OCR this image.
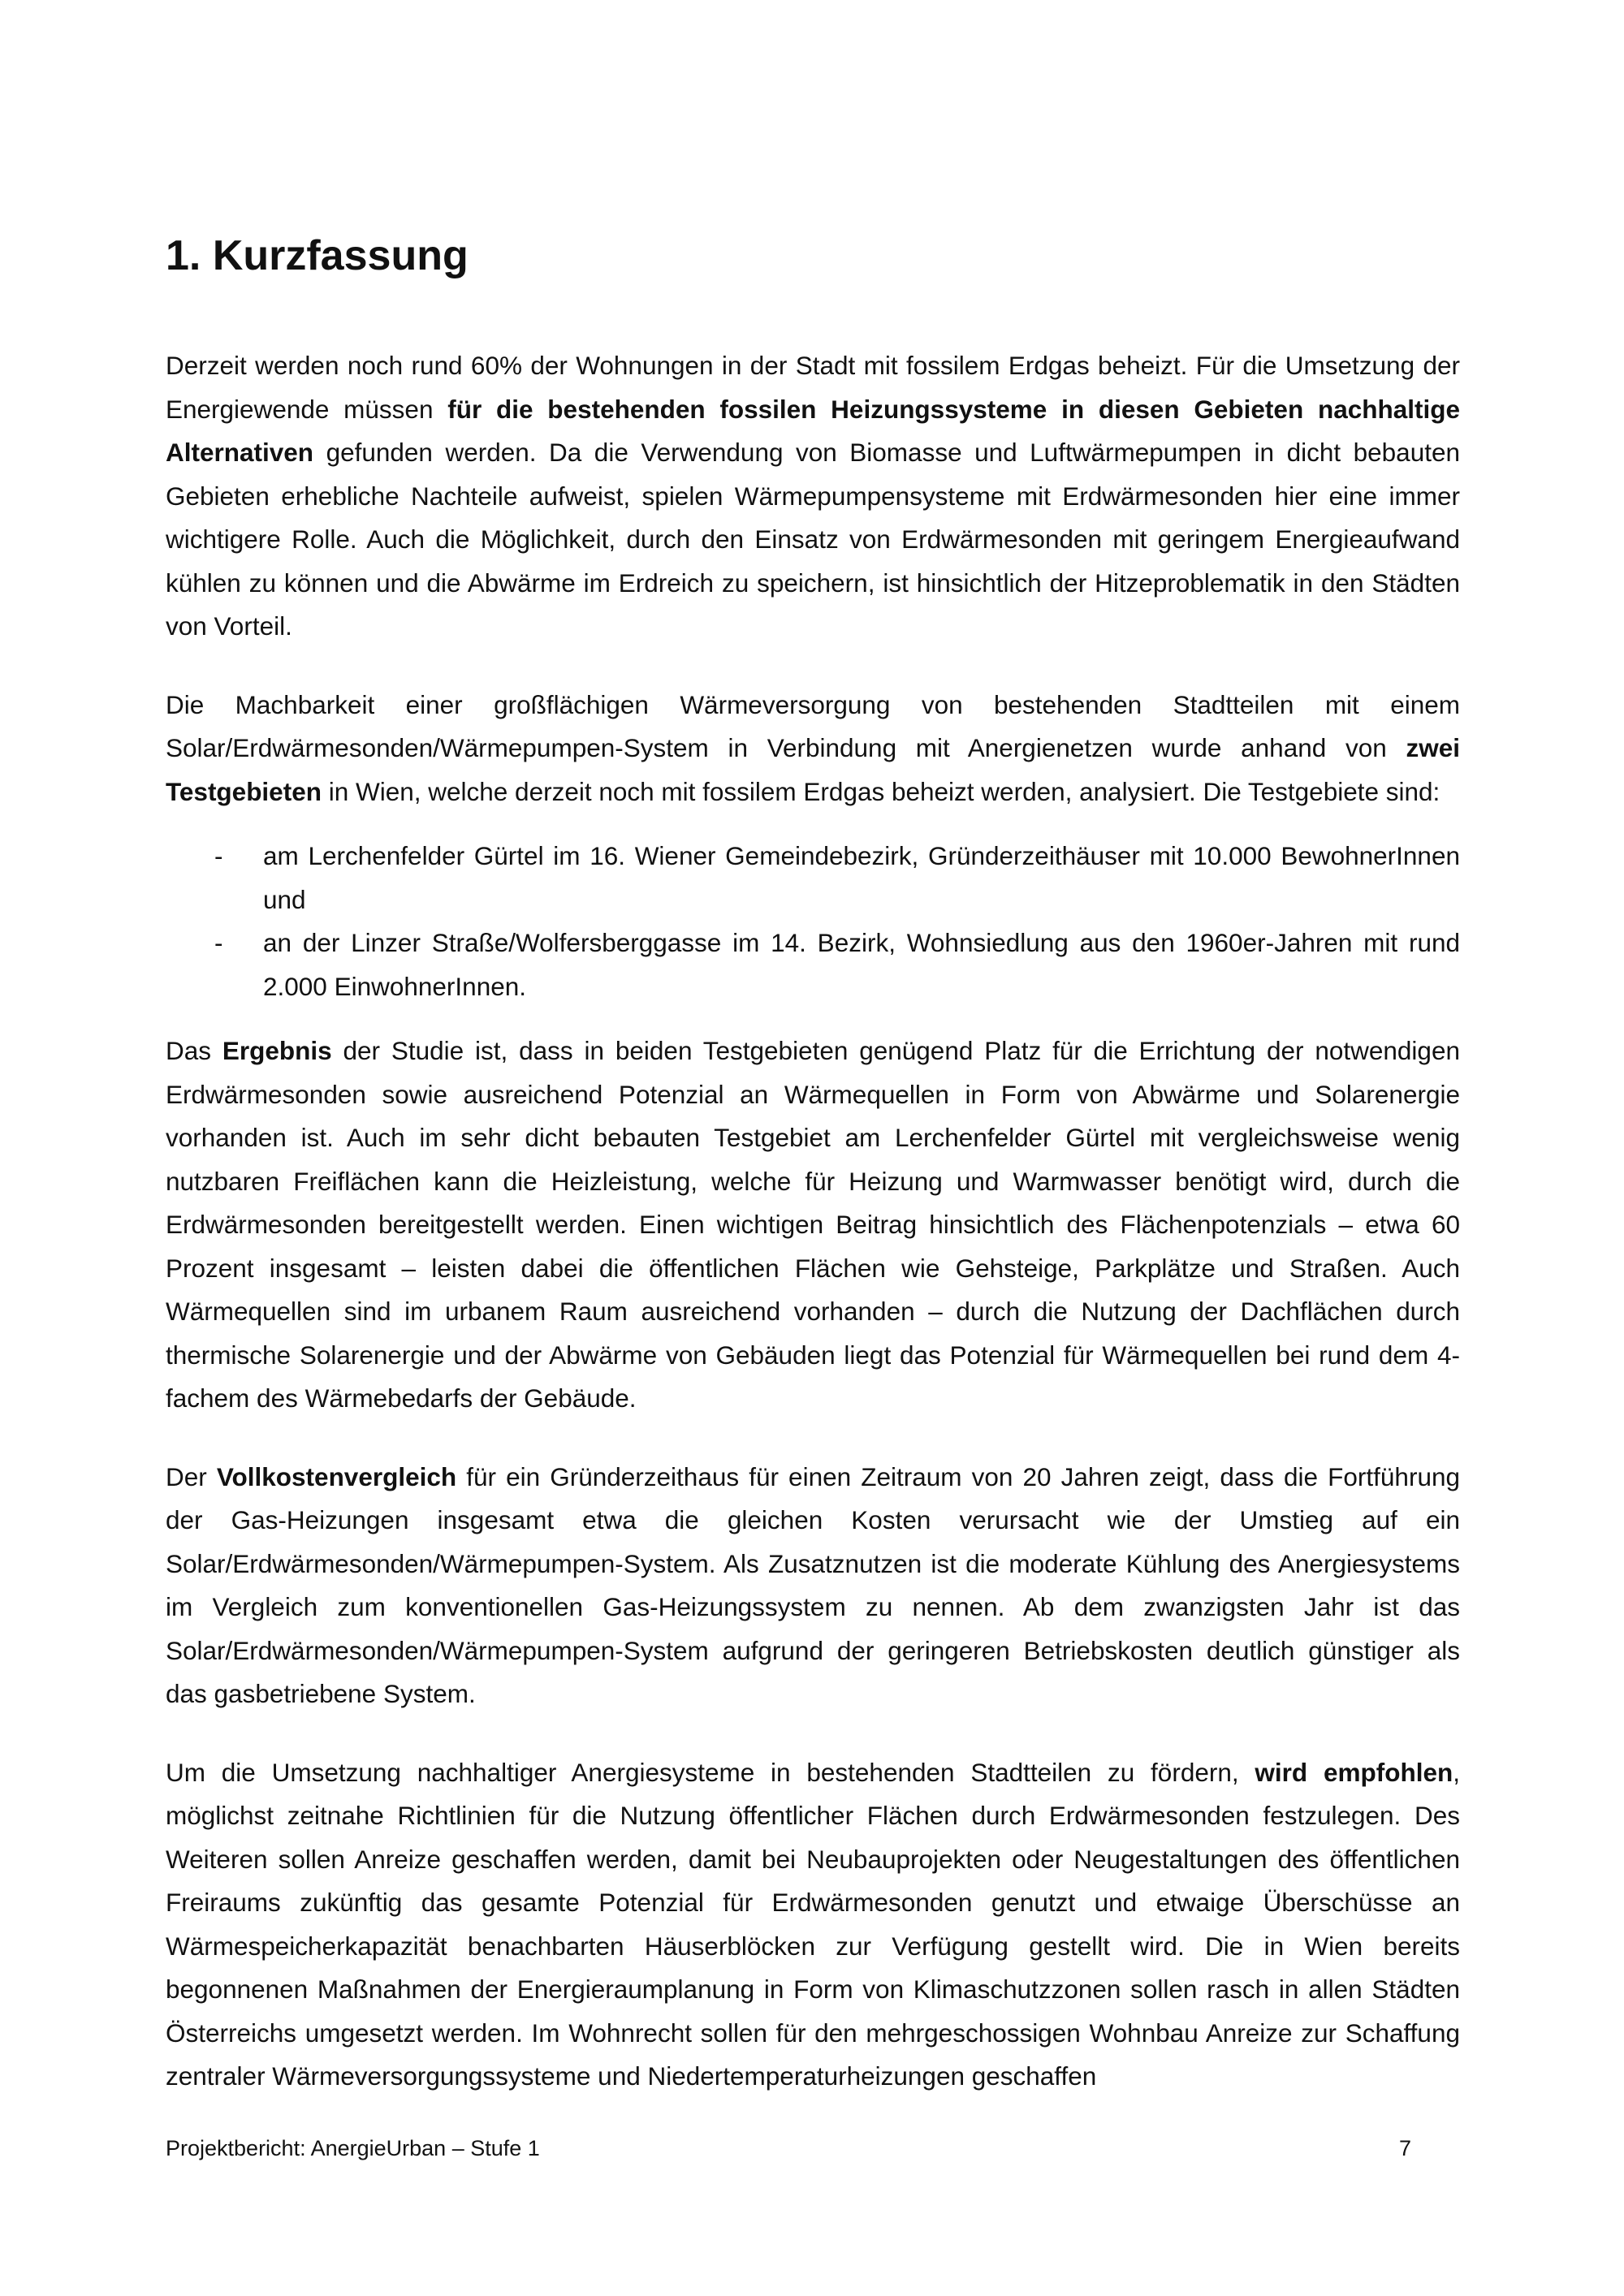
1. Kurzfassung

Derzeit werden noch rund 60% der Wohnungen in der Stadt mit fossilem Erdgas beheizt. Für die Umsetzung der Energiewende müssen für die bestehenden fossilen Heizungssysteme in diesen Gebieten nachhaltige Alternativen gefunden werden. Da die Verwendung von Biomasse und Luftwärmepumpen in dicht bebauten Gebieten erhebliche Nachteile aufweist, spielen Wärmepumpensysteme mit Erdwärmesonden hier eine immer wichtigere Rolle. Auch die Möglichkeit, durch den Einsatz von Erdwärmesonden mit geringem Energieaufwand kühlen zu können und die Abwärme im Erdreich zu speichern, ist hinsichtlich der Hitzeproblematik in den Städten von Vorteil.

Die Machbarkeit einer großflächigen Wärmeversorgung von bestehenden Stadtteilen mit einem Solar/Erdwärmesonden/Wärmepumpen-System in Verbindung mit Anergienetzen wurde anhand von zwei Testgebieten in Wien, welche derzeit noch mit fossilem Erdgas beheizt werden, analysiert. Die Testgebiete sind:

- am Lerchenfelder Gürtel im 16. Wiener Gemeindebezirk, Gründerzeithäuser mit 10.000 BewohnerInnen und
- an der Linzer Straße/Wolfersberggasse im 14. Bezirk, Wohnsiedlung aus den 1960er-Jahren mit rund 2.000 EinwohnerInnen.

Das Ergebnis der Studie ist, dass in beiden Testgebieten genügend Platz für die Errichtung der notwendigen Erdwärmesonden sowie ausreichend Potenzial an Wärmequellen in Form von Abwärme und Solarenergie vorhanden ist. Auch im sehr dicht bebauten Testgebiet am Lerchenfelder Gürtel mit vergleichsweise wenig nutzbaren Freiflächen kann die Heizleistung, welche für Heizung und Warmwasser benötigt wird, durch die Erdwärmesonden bereitgestellt werden. Einen wichtigen Beitrag hinsichtlich des Flächenpotenzials – etwa 60 Prozent insgesamt – leisten dabei die öffentlichen Flächen wie Gehsteige, Parkplätze und Straßen. Auch Wärmequellen sind im urbanem Raum ausreichend vorhanden – durch die Nutzung der Dachflächen durch thermische Solarenergie und der Abwärme von Gebäuden liegt das Potenzial für Wärmequellen bei rund dem 4-fachem des Wärmebedarfs der Gebäude.

Der Vollkostenvergleich für ein Gründerzeithaus für einen Zeitraum von 20 Jahren zeigt, dass die Fortführung der Gas-Heizungen insgesamt etwa die gleichen Kosten verursacht wie der Umstieg auf ein Solar/Erdwärmesonden/Wärmepumpen-System. Als Zusatznutzen ist die moderate Kühlung des Anergiesystems im Vergleich zum konventionellen Gas-Heizungssystem zu nennen. Ab dem zwanzigsten Jahr ist das Solar/Erdwärmesonden/Wärmepumpen-System aufgrund der geringeren Betriebskosten deutlich günstiger als das gasbetriebene System.

Um die Umsetzung nachhaltiger Anergiesysteme in bestehenden Stadtteilen zu fördern, wird empfohlen, möglichst zeitnahe Richtlinien für die Nutzung öffentlicher Flächen durch Erdwärmesonden festzulegen. Des Weiteren sollen Anreize geschaffen werden, damit bei Neubauprojekten oder Neugestaltungen des öffentlichen Freiraums zukünftig das gesamte Potenzial für Erdwärmesonden genutzt und etwaige Überschüsse an Wärmespeicherkapazität benachbarten Häuserblöcken zur Verfügung gestellt wird. Die in Wien bereits begonnenen Maßnahmen der Energieraumplanung in Form von Klimaschutzzonen sollen rasch in allen Städten Österreichs umgesetzt werden. Im Wohnrecht sollen für den mehrgeschossigen Wohnbau Anreize zur Schaffung zentraler Wärmeversorgungssysteme und Niedertemperaturheizungen geschaffen

Projektbericht: AnergieUrban – Stufe 1	7
